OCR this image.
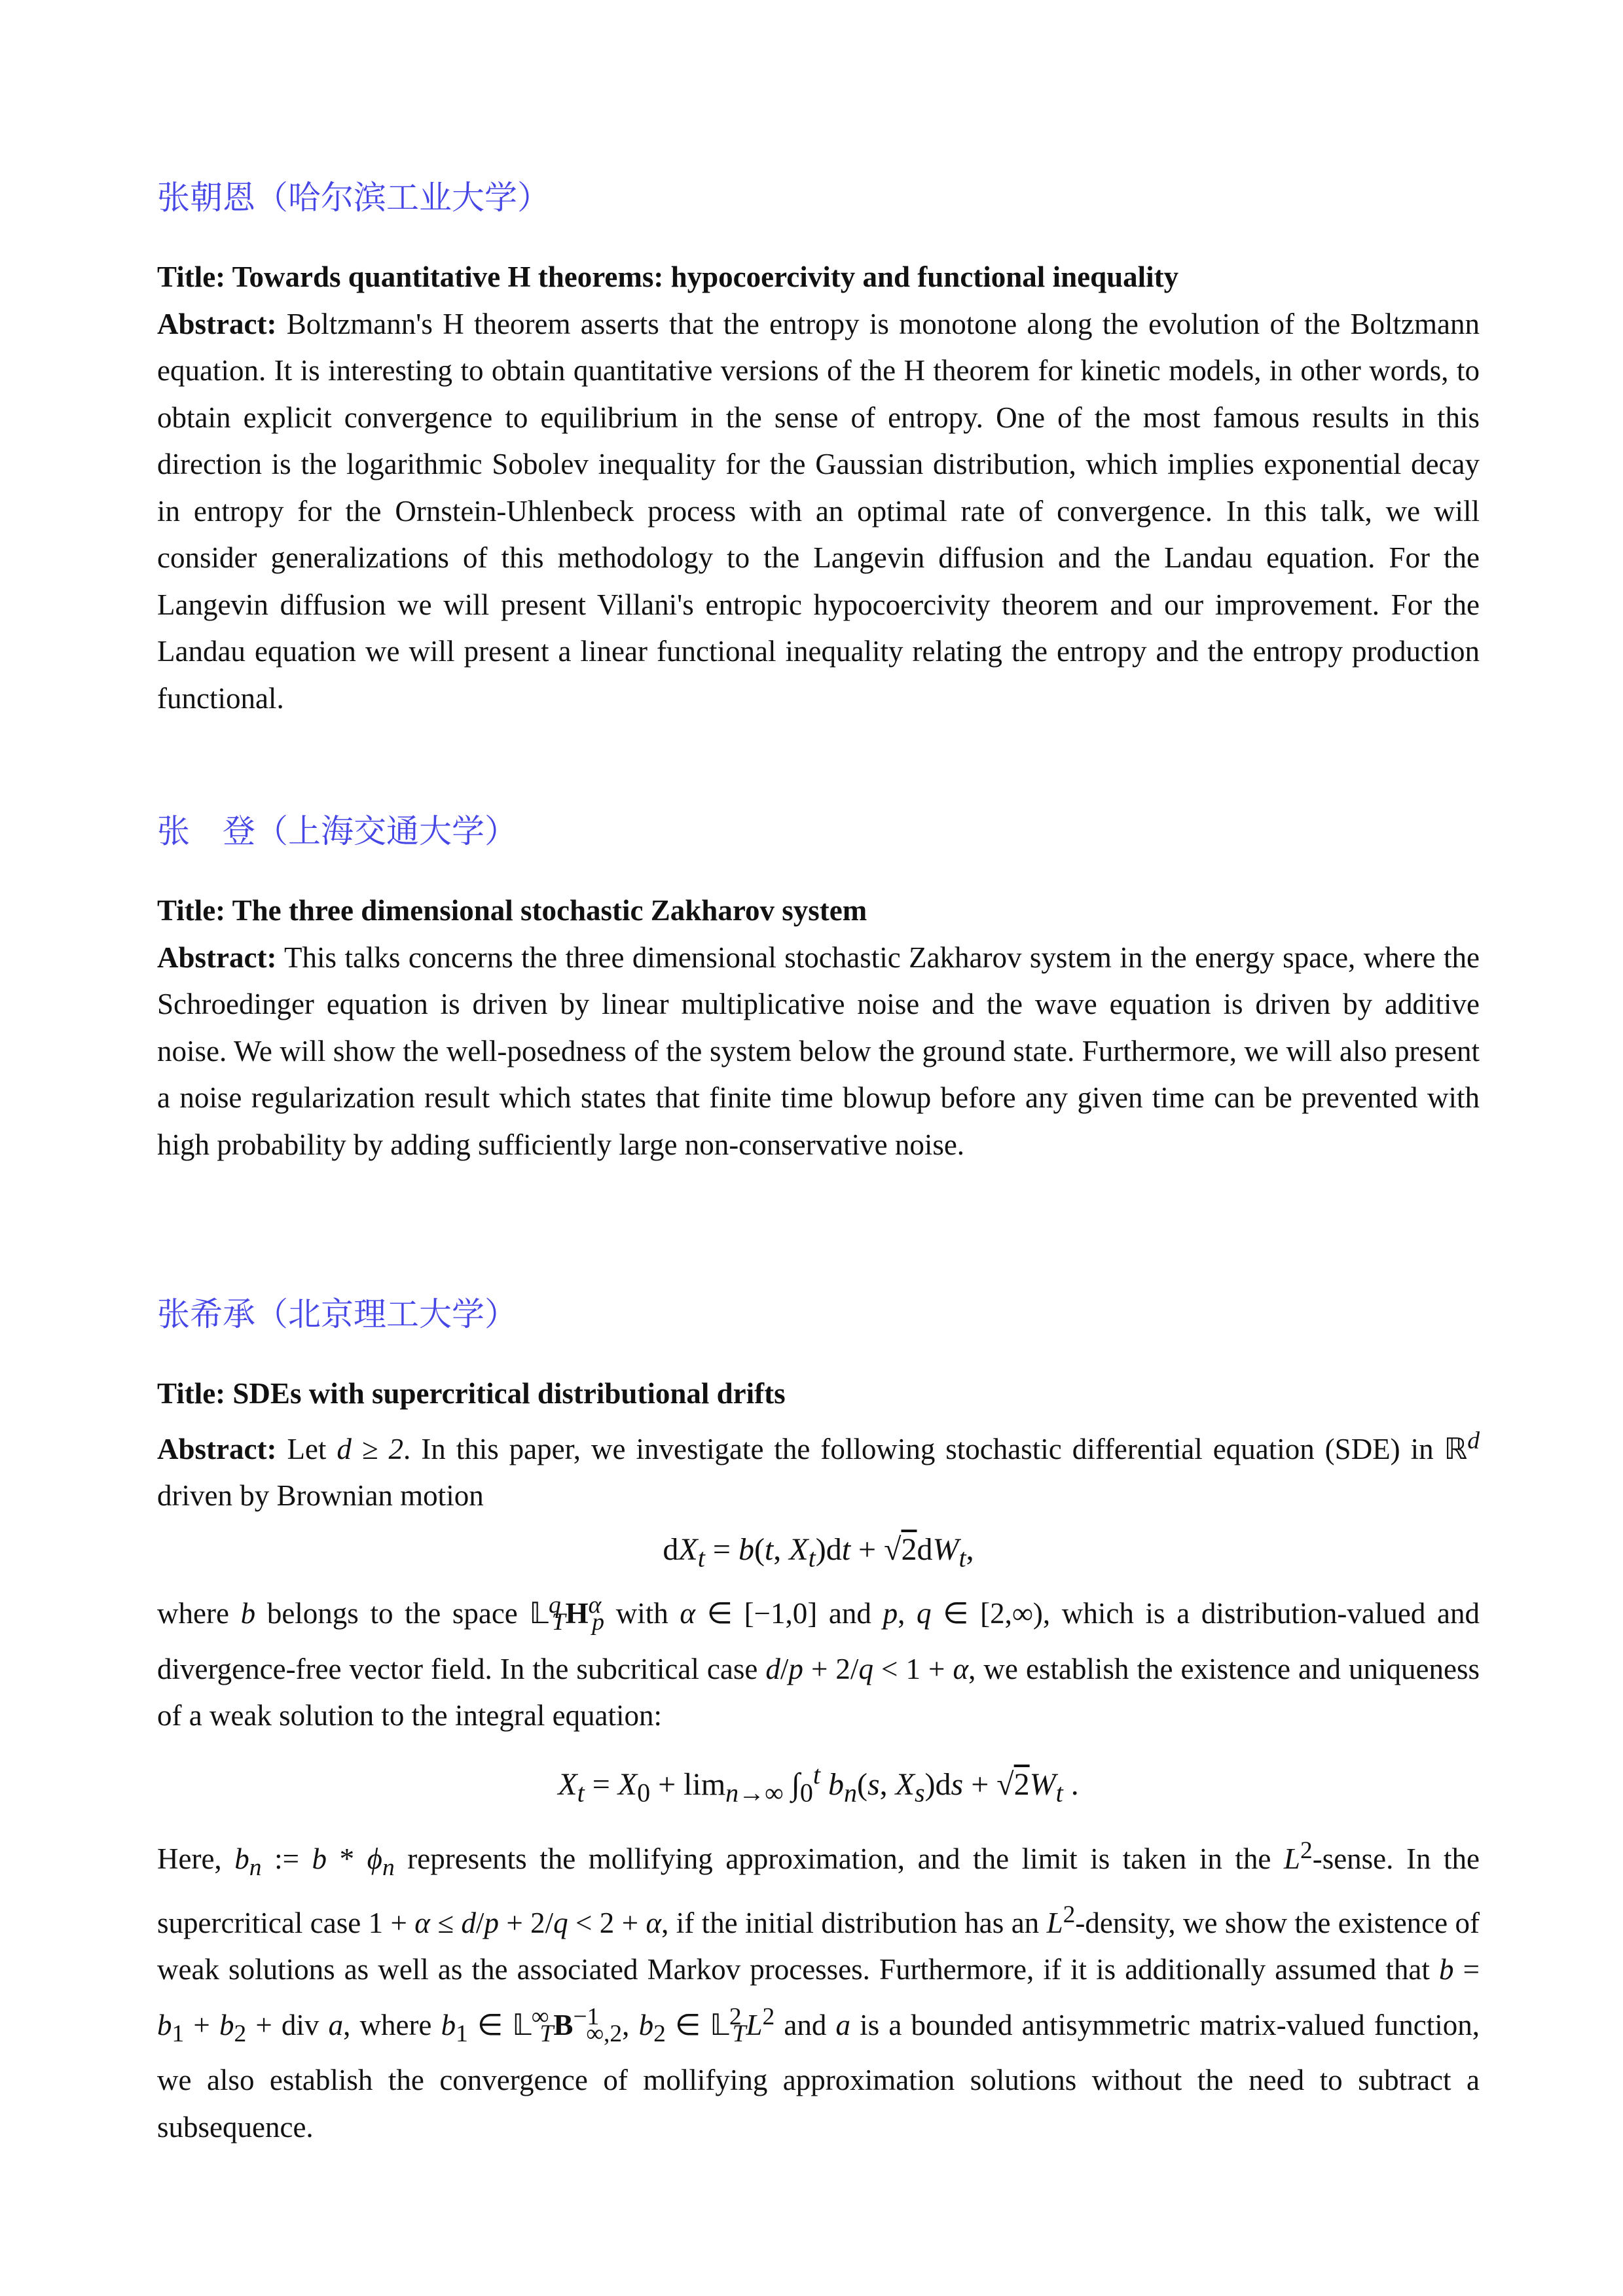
张朝恩（哈尔滨工业大学）

Title: Towards quantitative H theorems: hypocoercivity and functional inequality

Abstract: Boltzmann's H theorem asserts that the entropy is monotone along the evolution of the Boltzmann equation. It is interesting to obtain quantitative versions of the H theorem for kinetic models, in other words, to obtain explicit convergence to equilibrium in the sense of entropy. One of the most famous results in this direction is the logarithmic Sobolev inequality for the Gaussian distribution, which implies exponential decay in entropy for the Ornstein-Uhlenbeck process with an optimal rate of convergence. In this talk, we will consider generalizations of this methodology to the Langevin diffusion and the Landau equation. For the Langevin diffusion we will present Villani's entropic hypocoercivity theorem and our improvement. For the Landau equation we will present a linear functional inequality relating the entropy and the entropy production functional.

张　登（上海交通大学）

Title: The three dimensional stochastic Zakharov system

Abstract: This talks concerns the three dimensional stochastic Zakharov system in the energy space, where the Schroedinger equation is driven by linear multiplicative noise and the wave equation is driven by additive noise. We will show the well-posedness of the system below the ground state. Furthermore, we will also present a noise regularization result which states that finite time blowup before any given time can be prevented with high probability by adding sufficiently large non-conservative noise.

张希承（北京理工大学）

Title: SDEs with supercritical distributional drifts

Abstract: Let d ≥ 2. In this paper, we investigate the following stochastic differential equation (SDE) in ℝ$^d$ driven by Brownian motion

$dX_t = b(t$, $X_t)dt + √2dW_t$,

where b belongs to the space $𝕃^q_TH^\alpha_p$ with α ∈ [−1,0] and p, q ∈ [2,∞), which is a distribution-valued and divergence-free vector field. In the subcritical case d/p + 2/q < 1 + α, we establish the existence and uniqueness of a weak solution to the integral equation:

$X_t = X_0 + \lim_{n\to\infty} \int_0^t$ $b_n(s$, $X_s)ds + √2W_t$ .

Here, $b_n$ := b * $\phi_n$ represents the mollifying approximation, and the limit is taken in the $L^2$-sense. In the supercritical case 1 + α ≤ d/p + 2/q < 2 + α, if the initial distribution has an $L^2$-density, we show the existence of weak solutions as well as the associated Markov processes. Furthermore, if it is additionally assumed that $b = b_1 + b_2$ + div a, where $b_1$ ∈ $𝕃^\infty_TB^{-1}_{\infty,2}$, $b_2$ ∈ $𝕃^2_TL^2$ and a is a bounded antisymmetric matrix-valued function, we also establish the convergence of mollifying approximation solutions without the need to subtract a subsequence.
